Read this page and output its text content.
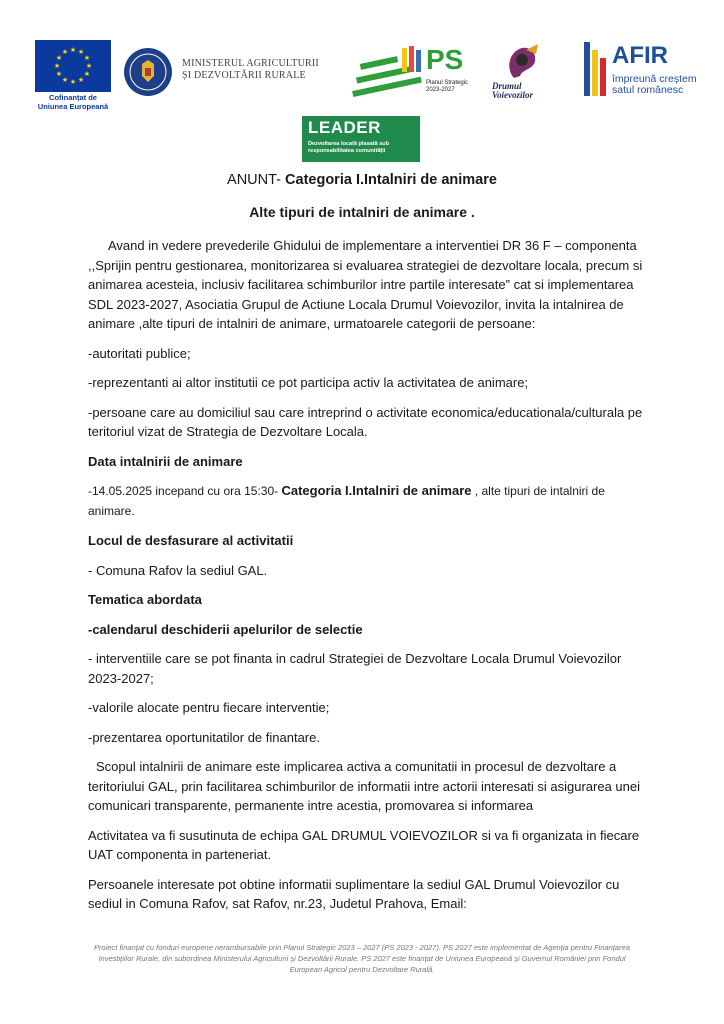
★ ★
★
★
★
★
★
★
★
★
★
★
Cofinanțat de
Uniunea Europeană
MINISTERUL AGRICULTURII
ȘI DEZVOLTĂRII RURALE
PS
Planul Strategic
2023-2027	Drumul
Voievozilor
AFIR
împreună creștem
satul românesc
LEADER
Dezvoltarea locală plasată sub responsabilitatea comunității
ANUNT- Categoria I.Intalniri de animare
Alte tipuri de intalniri de animare .

Avand in vedere prevederile Ghidului de implementare a interventiei DR 36 F – componenta ,,Sprijin pentru gestionarea, monitorizarea si evaluarea strategiei de dezvoltare locala, precum si animarea acesteia, inclusiv facilitarea schimburilor intre partile interesate” cat si implementarea SDL 2023-2027, Asociatia Grupul de Actiune Locala Drumul Voievozilor, invita la intalnirea de animare ,alte tipuri de intalniri de animare, urmatoarele categorii de persoane:

-autoritati publice;

-reprezentanti ai altor institutii ce pot participa activ la activitatea de animare;

-persoane care au domiciliul sau care intreprind o activitate economica/educationala/culturala pe teritoriul vizat de Strategia de Dezvoltare Locala.

Data intalnirii de animare

-14.05.2025 incepand cu ora 15:30- Categoria I.Intalniri de animare , alte tipuri de intalniri de animare.

Locul de desfasurare al activitatii

- Comuna Rafov la sediul GAL.

Tematica abordata

-calendarul deschiderii apelurilor de selectie

- interventiile care se pot finanta in cadrul Strategiei de Dezvoltare Locala Drumul Voievozilor 2023-2027;

-valorile alocate pentru fiecare interventie;

-prezentarea oportunitatilor de finantare.

Scopul intalnirii de animare este implicarea activa a comunitatii in procesul de dezvoltare a teritoriului GAL, prin facilitarea schimburilor de informatii intre actorii interesati si asigurarea unei comunicari transparente, permanente intre acestia, promovarea si informarea

Activitatea va fi susutinuta de echipa GAL DRUMUL VOIEVOZILOR si va fi organizata in fiecare UAT componenta in parteneriat.

Persoanele interesate pot obtine informatii suplimentare la sediul GAL Drumul Voievozilor cu sediul in Comuna Rafov, sat Rafov, nr.23, Judetul Prahova, Email:

Proiect finanțat cu fonduri europene nerambursabile prin Planul Strategic 2023 – 2027 (PS 2023 - 2027). PS 2027 este implementat de Agenția pentru Finanțarea Investițiilor Rurale, din subordinea Ministerului Agriculturii și Dezvoltării Rurale. PS 2027 este finanțat de Uniunea Europeană și Guvernul României prin Fondul European Agricol pentru Dezvoltare Rurală.
